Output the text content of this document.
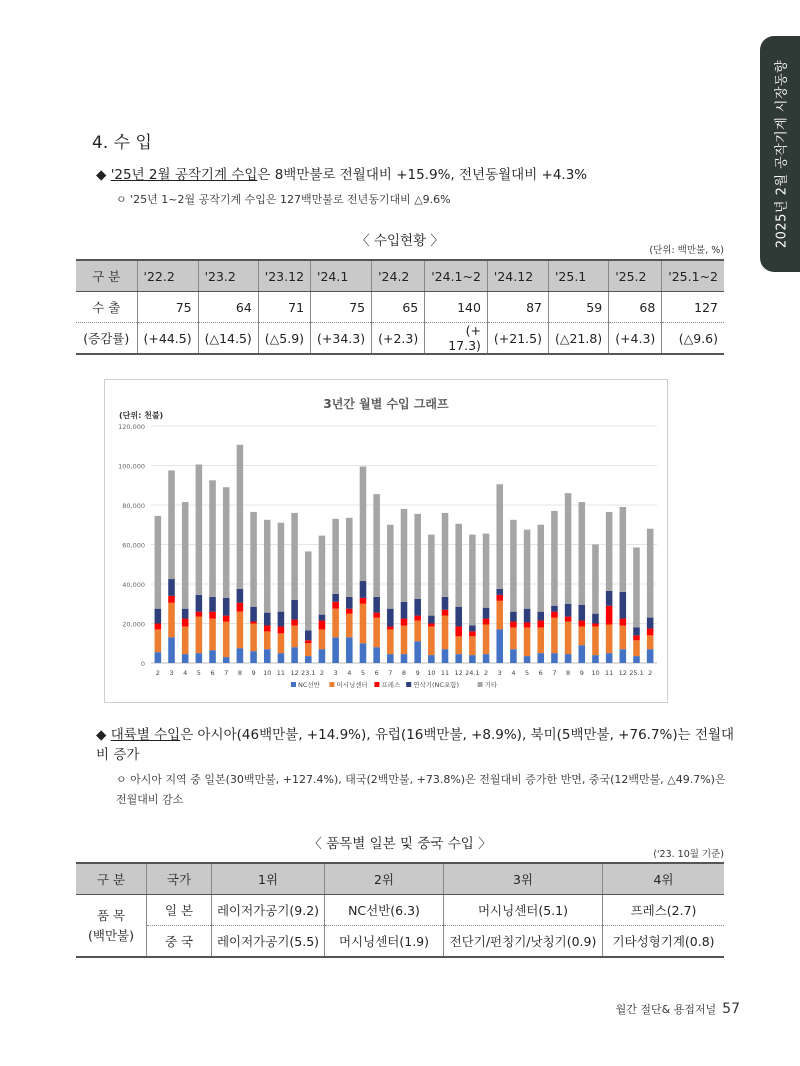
2025년 2월 공작기계 시장동향
4. 수 입
◆ '25년 2월 공작기계 수입은 8백만불로 전월대비 +15.9%, 전년동월대비 +4.3%
ㅇ '25년 1~2월 공작기계 수입은 127백만불로 전년동기대비 △9.6%
〈 수입현황 〉
(단위: 백만불, %)
구 분	'22.2	'23.2	'23.12	'24.1	'24.2	'24.1~2	'24.12	'25.1	'25.2	'25.1~2
수 출	75	64	71	75	65	140	87	59	68	127
(증감률)	(+44.5)	(△14.5)	(△5.9)	(+34.3)	(+2.3)	(+ 17.3)	(+21.5)	(△21.8)	(+4.3)	(△9.6)
3년간 월별 수입 그래프
(단위: 천불)
0
20,000
40,000
60,000
80,000
100,000
120,000
2 3 4 5 6 7 8 9 10 11 12 23.1 2 3 4 5 6 7 8 9 10 11 12 24.1 2 3 4 5 6 7 8 9 10 11 12 25.1 2
NC선반	머시닝센터 프레스 연삭기(NC포함)	기타
◆ 대륙별 수입은 아시아(46백만불, +14.9%), 유럽(16백만불, +8.9%), 북미(5백만불, +76.7%)는 전월대비 증가
ㅇ 아시아 지역 중 일본(30백만불, +127.4%), 태국(2백만불, +73.8%)은 전월대비 증가한 반면, 중국(12백만불, △49.7%)은 전월대비 감소
〈 품목별 일본 및 중국 수입 〉
('23. 10월 기준)
구 분	국가	1위	2위	3위	4위

품 목
(백만불)	일 본	레이저가공기(9.2)	NC선반(6.3)	머시닝센터(5.1)	프레스(2.7)
	중 국	레이저가공기(5.5)	머시닝센터(1.9)	전단기/펀칭기/낫칭기(0.9)	기타성형기계(0.8)
월간 절단& 용접저널 57
